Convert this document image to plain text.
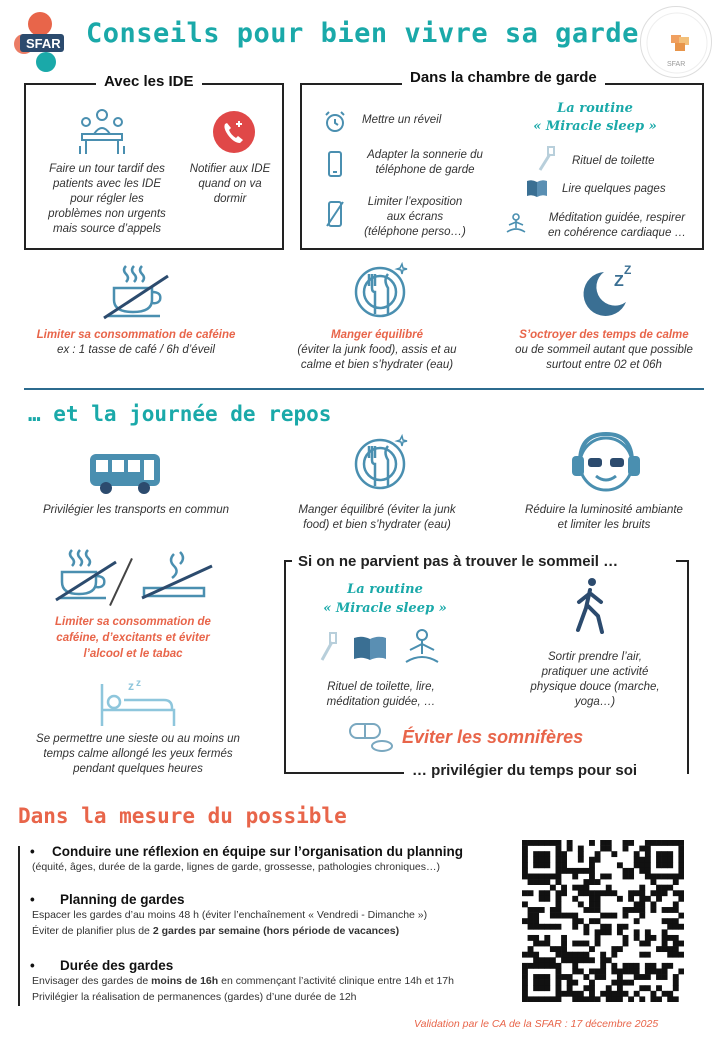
SFAR Conseils pour bien vivre sa garde
SFAR
Avec les IDE
Faire un tour tardif des
patients avec les IDE
pour régler les
problèmes non urgents
mais source d’appels
Notifier aux IDE
quand on va
dormir
Dans la chambre de garde
Mettre un réveil
Adapter la sonnerie du
téléphone de garde
Limiter l’exposition
aux écrans
(téléphone perso…)
La routine
« Miracle sleep »
Rituel de toilette
Lire quelques pages
Méditation guidée, respirer
en cohérence cardiaque …
Limiter sa consommation de caféine
ex : 1 tasse de café / 6h d’éveil
Manger équilibré
(éviter la junk food), assis et au
calme et bien s’hydrater (eau)
Z
Z
S’octroyer des temps de calme
ou de sommeil autant que possible
surtout entre 02 et 06h
… et la journée de repos
Privilégier les transports en commun	Manger équilibré (éviter la junk
food) et bien s’hydrater (eau)
Réduire la luminosité ambiante
et limiter les bruits
Limiter sa consommation de
caféine, d’excitants et éviter
l’alcool et le tabac
z z
Se permettre une sieste ou au moins un
temps calme allongé les yeux fermés
pendant quelques heures
Si on ne parvient pas à trouver le sommeil …
La routine
« Miracle sleep »
Rituel de toilette, lire,
méditation guidée, …
Sortir prendre l’air,
pratiquer une activité
physique douce (marche,
yoga…)
Éviter les somnifères
… privilégier du temps pour soi
Dans la mesure du possible
• Conduire une réflexion en équipe sur l’organisation du planning
(équité, âges, durée de la garde, lignes de garde, grossesse, pathologies chroniques…)
• Planning de gardes
Espacer les gardes d’au moins 48 h (éviter l’enchaînement « Vendredi - Dimanche »)
Éviter de planifier plus de 2 gardes par semaine (hors période de vacances)
• Durée des gardes
Envisager des gardes de moins de 16h en commençant l’activité clinique entre 14h et 17h
Privilégier la réalisation de permanences (gardes) d’une durée de 12h
Validation par le CA de la SFAR : 17 décembre 2025
